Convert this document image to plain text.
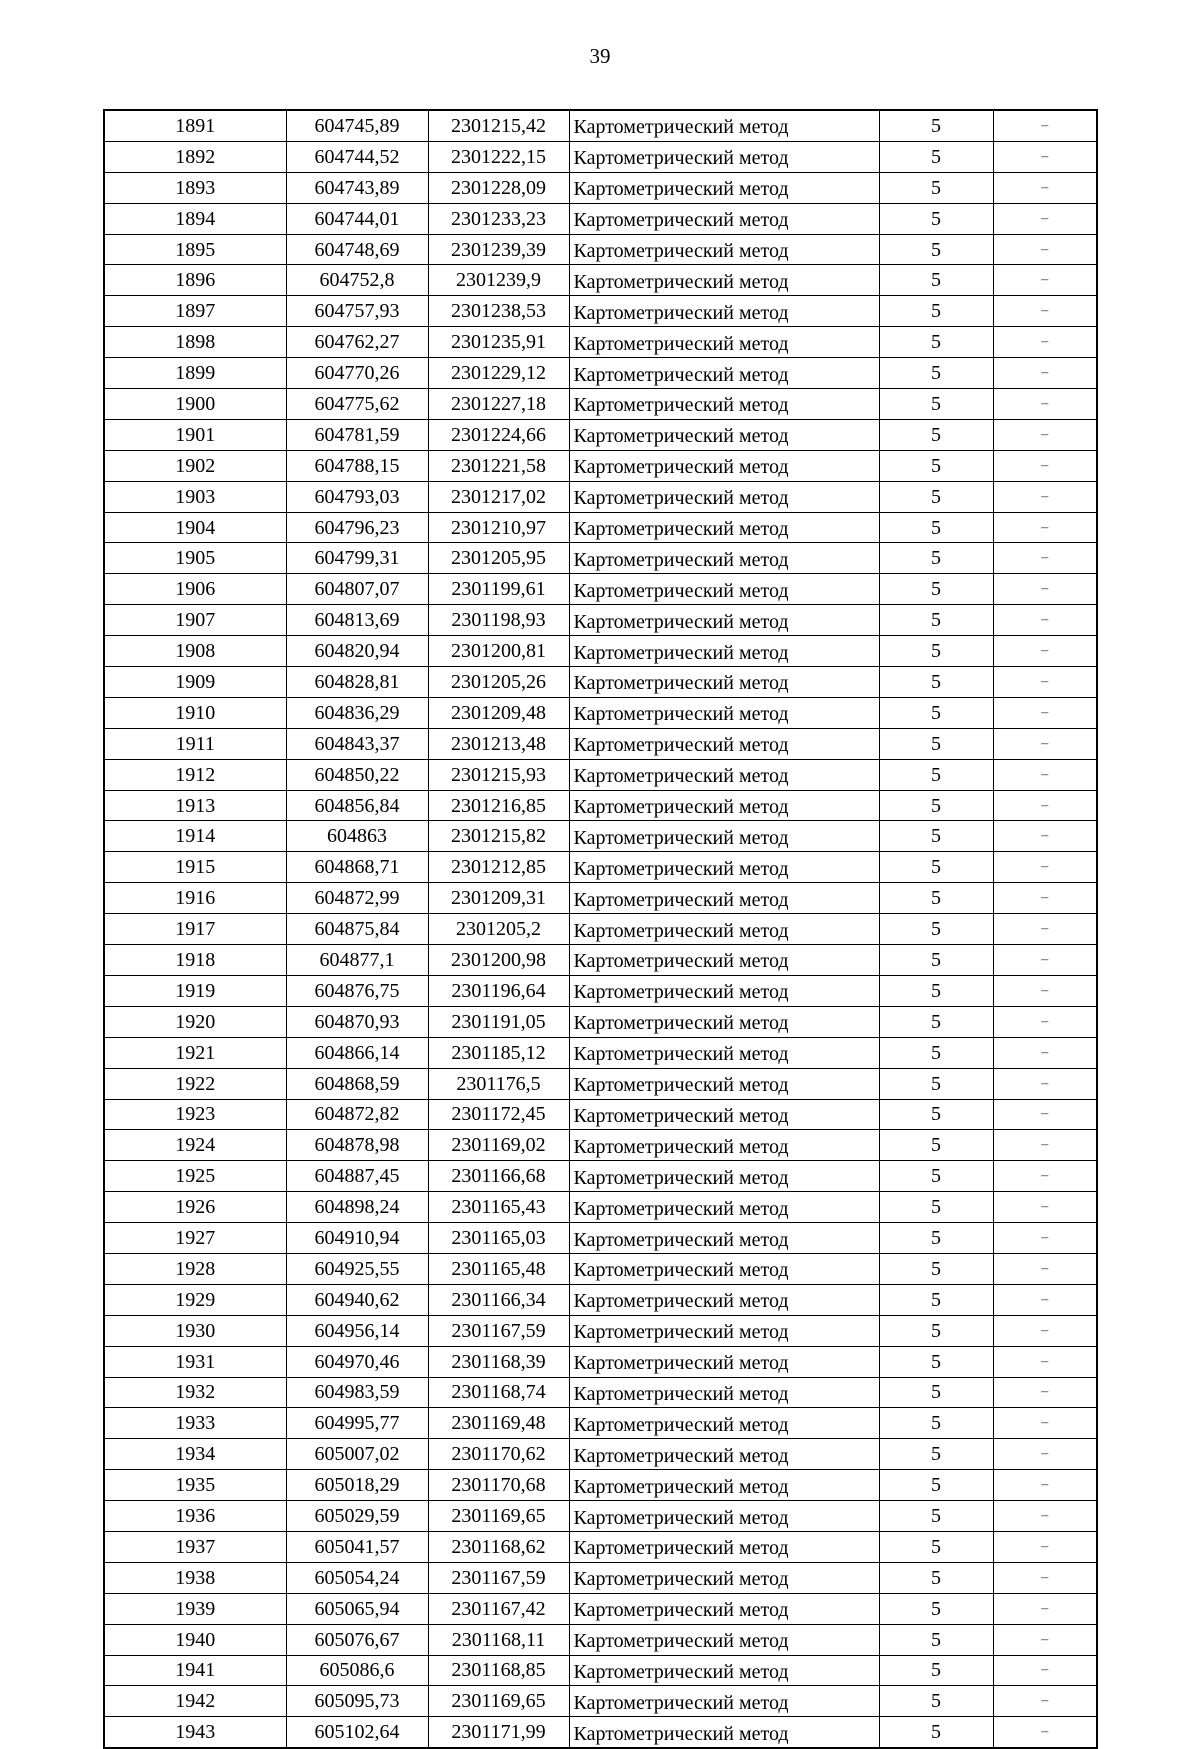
39
1891	604745,89	2301215,42	Картометрический метод	5	–
1892	604744,52	2301222,15	Картометрический метод	5	–
1893	604743,89	2301228,09	Картометрический метод	5	–
1894	604744,01	2301233,23	Картометрический метод	5	–
1895	604748,69	2301239,39	Картометрический метод	5	–
1896	604752,8	2301239,9	Картометрический метод	5	–
1897	604757,93	2301238,53	Картометрический метод	5	–
1898	604762,27	2301235,91	Картометрический метод	5	–
1899	604770,26	2301229,12	Картометрический метод	5	–
1900	604775,62	2301227,18	Картометрический метод	5	–
1901	604781,59	2301224,66	Картометрический метод	5	–
1902	604788,15	2301221,58	Картометрический метод	5	–
1903	604793,03	2301217,02	Картометрический метод	5	–
1904	604796,23	2301210,97	Картометрический метод	5	–
1905	604799,31	2301205,95	Картометрический метод	5	–
1906	604807,07	2301199,61	Картометрический метод	5	–
1907	604813,69	2301198,93	Картометрический метод	5	–
1908	604820,94	2301200,81	Картометрический метод	5	–
1909	604828,81	2301205,26	Картометрический метод	5	–
1910	604836,29	2301209,48	Картометрический метод	5	–
1911	604843,37	2301213,48	Картометрический метод	5	–
1912	604850,22	2301215,93	Картометрический метод	5	–
1913	604856,84	2301216,85	Картометрический метод	5	–
1914	604863	2301215,82	Картометрический метод	5	–
1915	604868,71	2301212,85	Картометрический метод	5	–
1916	604872,99	2301209,31	Картометрический метод	5	–
1917	604875,84	2301205,2	Картометрический метод	5	–
1918	604877,1	2301200,98	Картометрический метод	5	–
1919	604876,75	2301196,64	Картометрический метод	5	–
1920	604870,93	2301191,05	Картометрический метод	5	–
1921	604866,14	2301185,12	Картометрический метод	5	–
1922	604868,59	2301176,5	Картометрический метод	5	–
1923	604872,82	2301172,45	Картометрический метод	5	–
1924	604878,98	2301169,02	Картометрический метод	5	–
1925	604887,45	2301166,68	Картометрический метод	5	–
1926	604898,24	2301165,43	Картометрический метод	5	–
1927	604910,94	2301165,03	Картометрический метод	5	–
1928	604925,55	2301165,48	Картометрический метод	5	–
1929	604940,62	2301166,34	Картометрический метод	5	–
1930	604956,14	2301167,59	Картометрический метод	5	–
1931	604970,46	2301168,39	Картометрический метод	5	–
1932	604983,59	2301168,74	Картометрический метод	5	–
1933	604995,77	2301169,48	Картометрический метод	5	–
1934	605007,02	2301170,62	Картометрический метод	5	–
1935	605018,29	2301170,68	Картометрический метод	5	–
1936	605029,59	2301169,65	Картометрический метод	5	–
1937	605041,57	2301168,62	Картометрический метод	5	–
1938	605054,24	2301167,59	Картометрический метод	5	–
1939	605065,94	2301167,42	Картометрический метод	5	–
1940	605076,67	2301168,11	Картометрический метод	5	–
1941	605086,6	2301168,85	Картометрический метод	5	–
1942	605095,73	2301169,65	Картометрический метод	5	–
1943	605102,64	2301171,99	Картометрический метод	5	–
